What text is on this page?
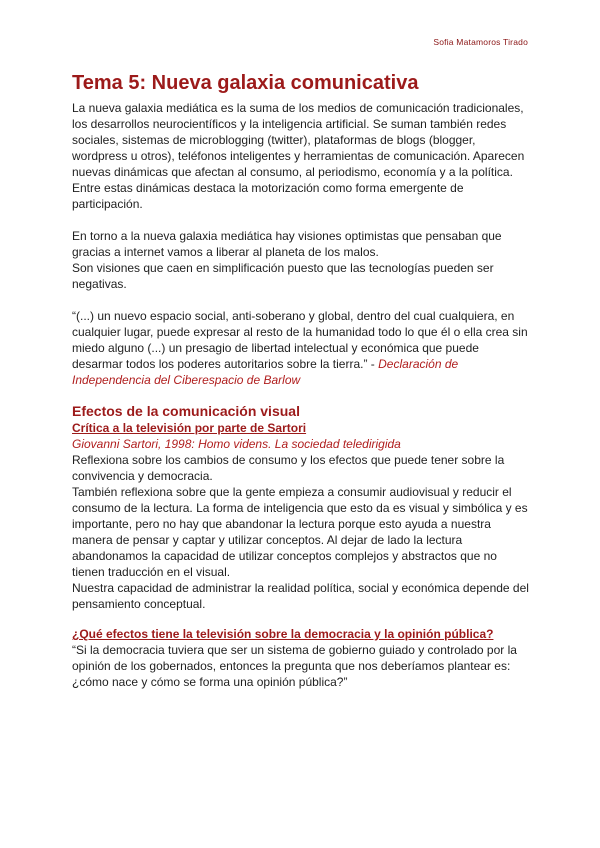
Sofia Matamoros Tirado
Tema 5: Nueva galaxia comunicativa

La nueva galaxia mediática es la suma de los medios de comunicación tradicionales, los desarrollos neurocientíficos y la inteligencia artificial. Se suman también redes sociales, sistemas de microblogging (twitter), plataformas de blogs (blogger, wordpress u otros), teléfonos inteligentes y herramientas de comunicación. Aparecen nuevas dinámicas que afectan al consumo, al periodismo, economía y a la política.

Entre estas dinámicas destaca la motorización como forma emergente de participación.

En torno a la nueva galaxia mediática hay visiones optimistas que pensaban que gracias a internet vamos a liberar al planeta de los malos.

Son visiones que caen en simplificación puesto que las tecnologías pueden ser negativas.

“(...) un nuevo espacio social, anti-soberano y global, dentro del cual cualquiera, en cualquier lugar, puede expresar al resto de la humanidad todo lo que él o ella crea sin miedo alguno (...) un presagio de libertad intelectual y económica que puede desarmar todos los poderes autoritarios sobre la tierra.” - Declaración de Independencia del Ciberespacio de Barlow

Efectos de la comunicación visual
Crítica a la televisión por parte de Sartori

Giovanni Sartori, 1998: Homo videns. La sociedad teledirigida

Reflexiona sobre los cambios de consumo y los efectos que puede tener sobre la convivencia y democracia.

También reflexiona sobre que la gente empieza a consumir audiovisual y reducir el consumo de la lectura. La forma de inteligencia que esto da es visual y simbólica y es importante, pero no hay que abandonar la lectura porque esto ayuda a nuestra manera de pensar y captar y utilizar conceptos. Al dejar de lado la lectura abandonamos la capacidad de utilizar conceptos complejos y abstractos que no tienen traducción en el visual.

Nuestra capacidad de administrar la realidad política, social y económica depende del pensamiento conceptual.

¿Qué efectos tiene la televisión sobre la democracia y la opinión pública?

“Si la democracia tuviera que ser un sistema de gobierno guiado y controlado por la opinión de los gobernados, entonces la pregunta que nos deberíamos plantear es: ¿cómo nace y cómo se forma una opinión pública?”
